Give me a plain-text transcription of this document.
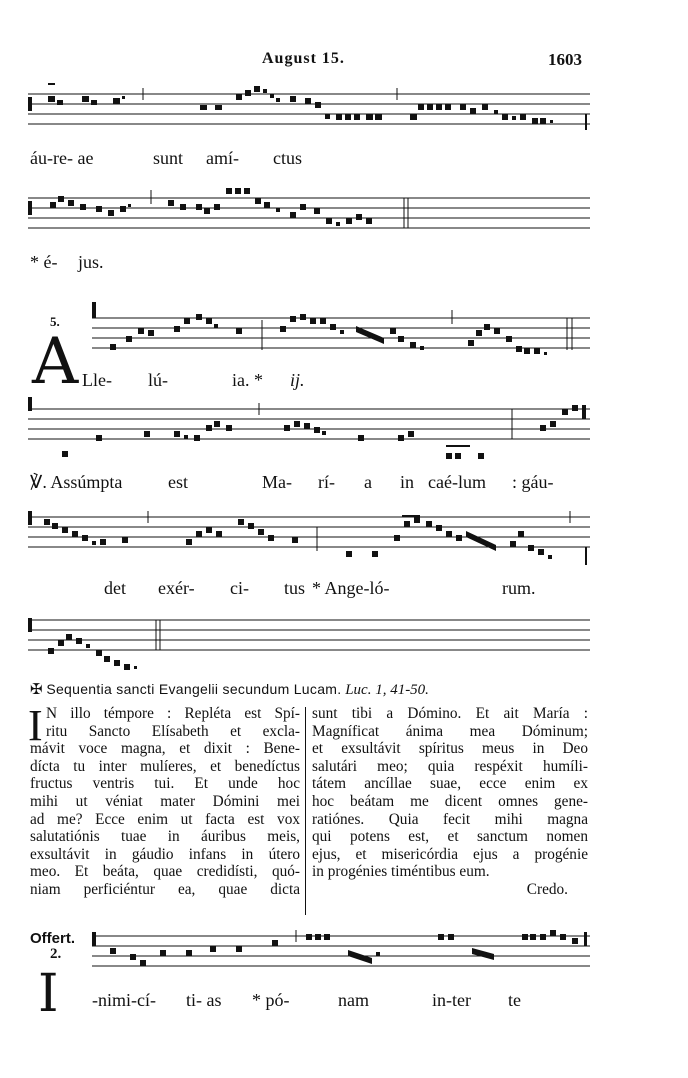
August 15.	1603
áu-re- ae	sunt amí- ctus
* é- jus.
5.
A Lle- lú-	ia. * ij.
℣. Assúmpta	est	Ma- rí- a in caé-lum : gáu-
det exér- ci- tus * Ange-ló-	rum.
✠ Sequentia sancti Evangelii secundum Lucam. Luc. 1, 41-50.
I N illo témpore : Repléta est Spí-
ritu Sancto Elísabeth et excla-
mávit voce magna, et dixit : Bene-
dícta tu inter mulíeres, et benedíctus
fructus ventris tui. Et unde hoc
mihi ut véniat mater Dómini mei
ad me? Ecce enim ut facta est vox
salutatiónis tuae in áuribus meis,
exsultávit in gáudio infans in útero
meo. Et beáta, quae credidísti, quó-
niam perficiéntur ea, quae dicta
sunt tibi a Dómino. Et ait María :
Magníficat ánima mea Dóminum;
et exsultávit spíritus meus in Deo
salutári meo; quia respéxit humíli-
tátem ancíllae suae, ecce enim ex
hoc beátam me dicent omnes gene-
ratiónes. Quia fecit mihi magna
qui potens est, et sanctum nomen
ejus, et misericórdia ejus a progénie
in progénies timéntibus eum.
Credo.
Offert.
2.
I -nimi-cí- ti- as * pó-	nam	in-ter te
